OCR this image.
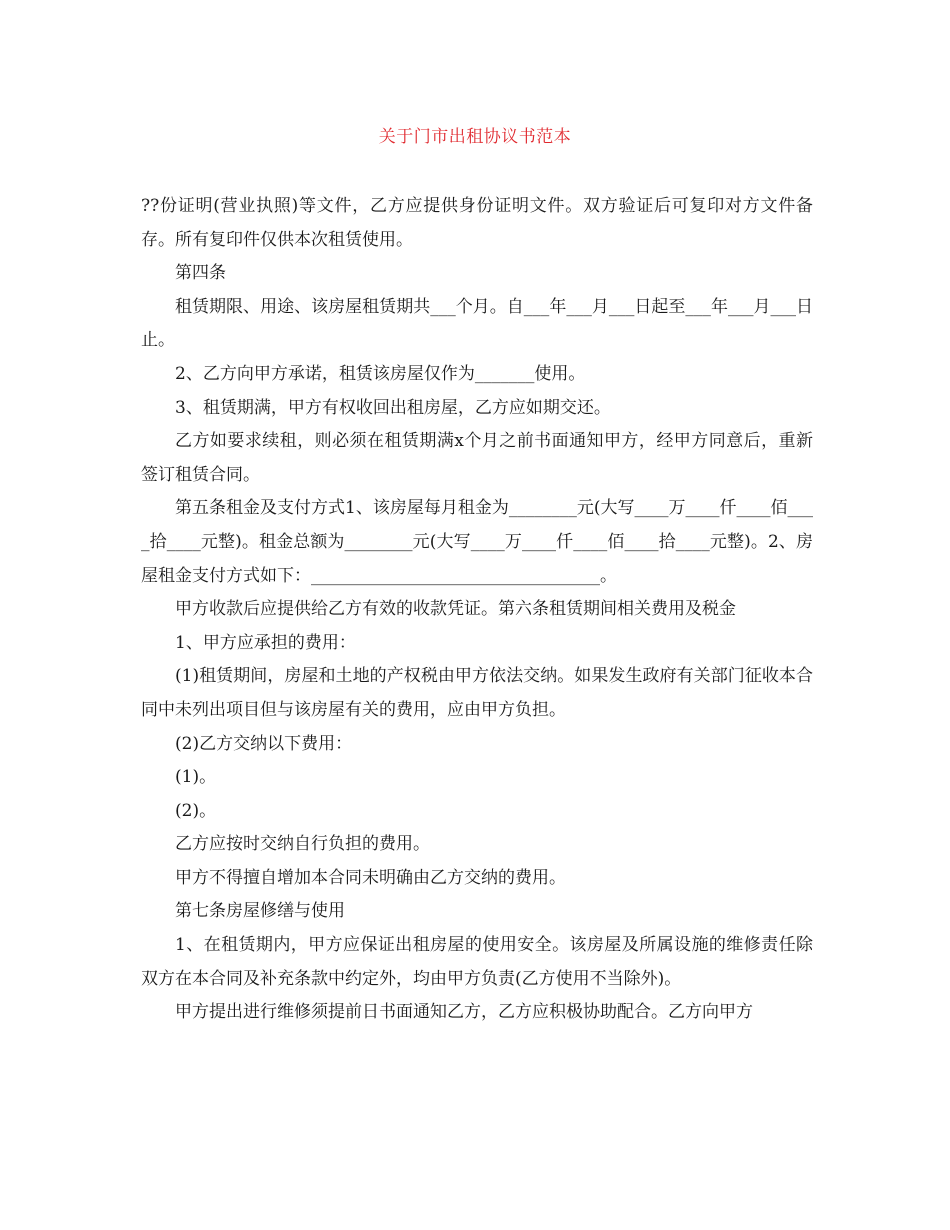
关于门市出租协议书范本

??份证明(营业执照)等文件，乙方应提供身份证明文件。双方验证后可复印对方文件备存。所有复印件仅供本次租赁使用。

第四条

租赁期限、用途、该房屋租赁期共___个月。自___年___月___日起至___年___月___日止。

2、乙方向甲方承诺，租赁该房屋仅作为_______使用。

3、租赁期满，甲方有权收回出租房屋，乙方应如期交还。

乙方如要求续租，则必须在租赁期满x个月之前书面通知甲方，经甲方同意后，重新签订租赁合同。

第五条租金及支付方式1、该房屋每月租金为________元(大写____万____仟____佰____拾____元整)。租金总额为________元(大写____万____仟____佰____拾____元整)。2、房屋租金支付方式如下：__________________________________。

甲方收款后应提供给乙方有效的收款凭证。第六条租赁期间相关费用及税金

1、甲方应承担的费用：

(1)租赁期间，房屋和土地的产权税由甲方依法交纳。如果发生政府有关部门征收本合同中未列出项目但与该房屋有关的费用，应由甲方负担。

(2)乙方交纳以下费用：

(1)。

(2)。

乙方应按时交纳自行负担的费用。

甲方不得擅自增加本合同未明确由乙方交纳的费用。

第七条房屋修缮与使用

1、在租赁期内，甲方应保证出租房屋的使用安全。该房屋及所属设施的维修责任除双方在本合同及补充条款中约定外，均由甲方负责(乙方使用不当除外)。

甲方提出进行维修须提前日书面通知乙方，乙方应积极协助配合。乙方向甲方
